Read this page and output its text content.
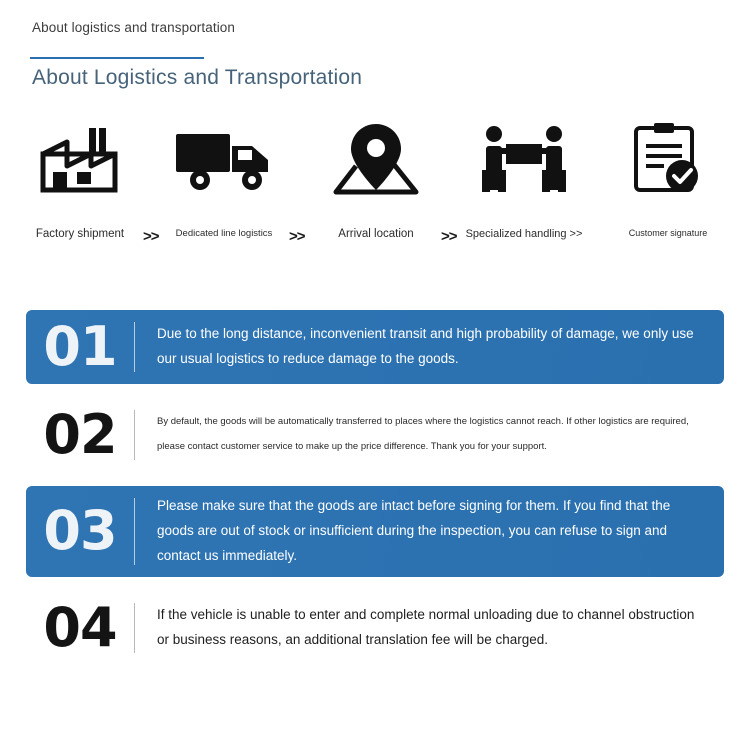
About logistics and transportation
About Logistics and Transportation
Factory shipment	Dedicated line logistics	Arrival location	Specialized handling >>	Customer signature
>>	>>	>>
01	Due to the long distance, inconvenient transit and high probability of damage, we only use our usual logistics to reduce damage to the goods.
02	By default, the goods will be automatically transferred to places where the logistics cannot reach. If other logistics are required, please contact customer service to make up the price difference. Thank you for your support.
03	Please make sure that the goods are intact before signing for them. If you find that the goods are out of stock or insufficient during the inspection, you can refuse to sign and contact us immediately.
04	If the vehicle is unable to enter and complete normal unloading due to channel obstruction or business reasons, an additional translation fee will be charged.
